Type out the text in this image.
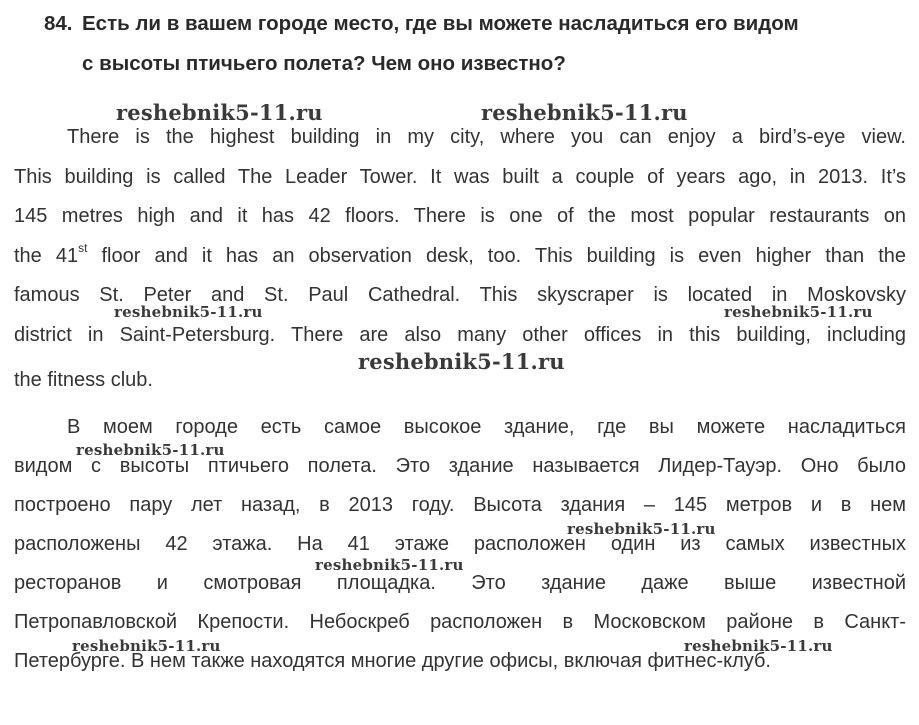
84. Есть ли в вашем городе место, где вы можете насладиться его видом
с высоты птичьего полета? Чем оно известно?
There is the highest building in my city, where you can enjoy a bird’s-eye view.
This building is called The Leader Tower. It was built a couple of years ago, in 2013. It’s
145 metres high and it has 42 floors. There is one of the most popular restaurants on
the 41st floor and it has an observation desk, too. This building is even higher than the
famous St. Peter and St. Paul Cathedral. This skyscraper is located in Moskovsky
district in Saint-Petersburg. There are also many other offices in this building, including
the fitness club.
В моем городе есть самое высокое здание, где вы можете насладиться
видом с высоты птичьего полета. Это здание называется Лидер-Тауэр. Оно было
построено пару лет назад, в 2013 году. Высота здания – 145 метров и в нем
расположены 42 этажа. На 41 этаже расположен один из самых известных
ресторанов и смотровая площадка. Это здание даже выше известной
Петропавловской Крепости. Небоскреб расположен в Московском районе в Санкт-
Петербурге. В нем также находятся многие другие офисы, включая фитнес-клуб.
reshebnik5-11.ru	reshebnik5-11.ru
reshebnik5-11.ru	reshebnik5-11.ru
reshebnik5-11.ru
reshebnik5-11.ru
reshebnik5-11.ru
reshebnik5-11.ru
reshebnik5-11.ru	reshebnik5-11.ru
